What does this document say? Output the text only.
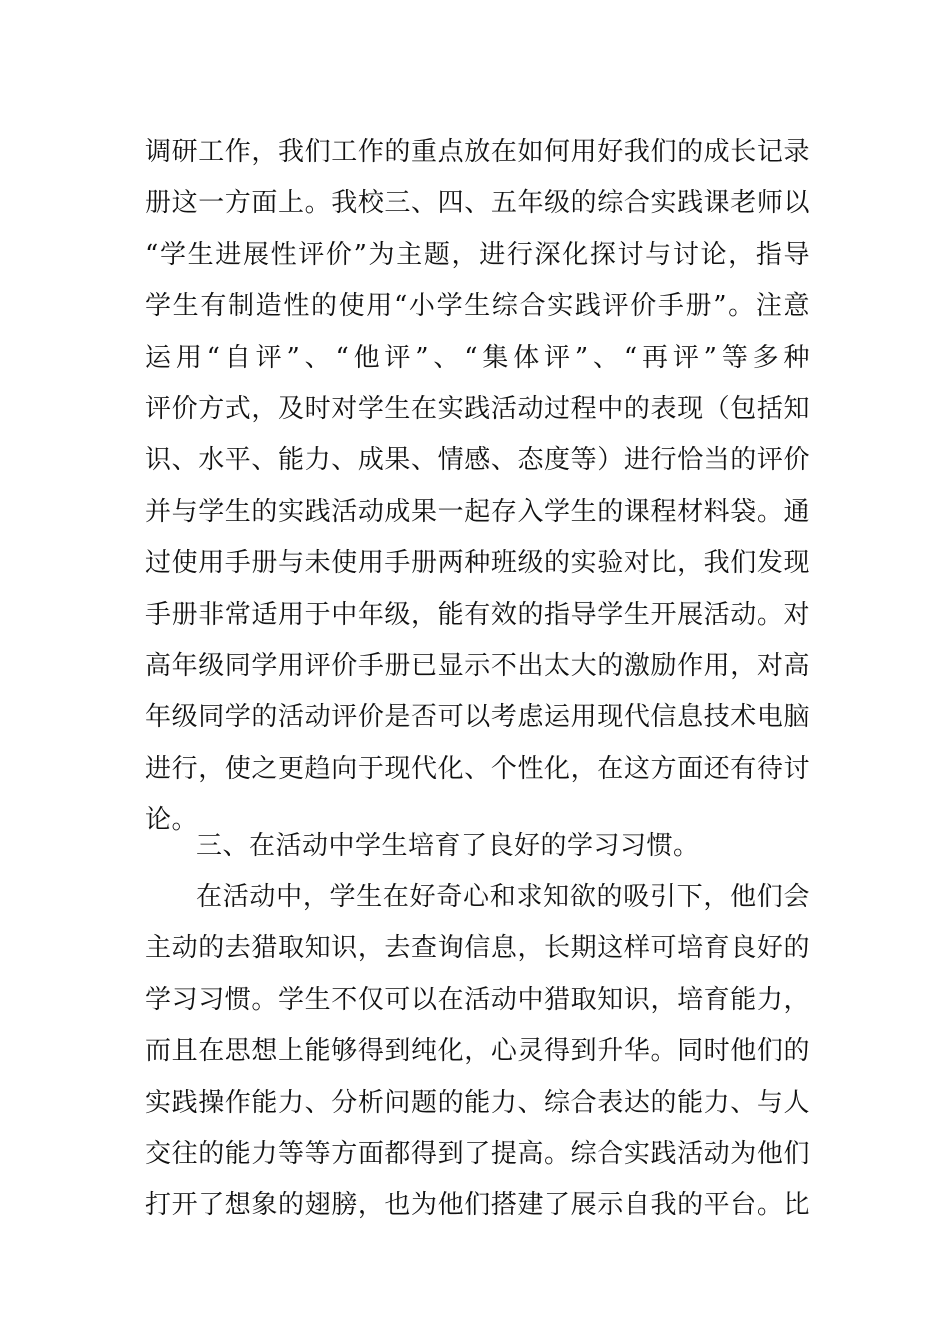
调研工作，我们工作的重点放在如何用好我们的成长记录
册这一方面上。我校三、四、五年级的综合实践课老师以
“学生进展性评价”为主题，进行深化探讨与讨论，指导
学生有制造性的使用“小学生综合实践评价手册”。注意
运用“自评”、“他评”、“集体评”、“再评”等多种
评价方式，及时对学生在实践活动过程中的表现（包括知
识、水平、能力、成果、情感、态度等）进行恰当的评价
并与学生的实践活动成果一起存入学生的课程材料袋。通
过使用手册与未使用手册两种班级的实验对比，我们发现
手册非常适用于中年级，能有效的指导学生开展活动。对
高年级同学用评价手册已显示不出太大的激励作用，对高
年级同学的活动评价是否可以考虑运用现代信息技术电脑
进行，使之更趋向于现代化、个性化，在这方面还有待讨
论。
三、在活动中学生培育了良好的学习习惯。
在活动中，学生在好奇心和求知欲的吸引下，他们会
主动的去猎取知识，去查询信息，长期这样可培育良好的
学习习惯。学生不仅可以在活动中猎取知识，培育能力，
而且在思想上能够得到纯化，心灵得到升华。同时他们的
实践操作能力、分析问题的能力、综合表达的能力、与人
交往的能力等等方面都得到了提高。综合实践活动为他们
打开了想象的翅膀，也为他们搭建了展示自我的平台。比
